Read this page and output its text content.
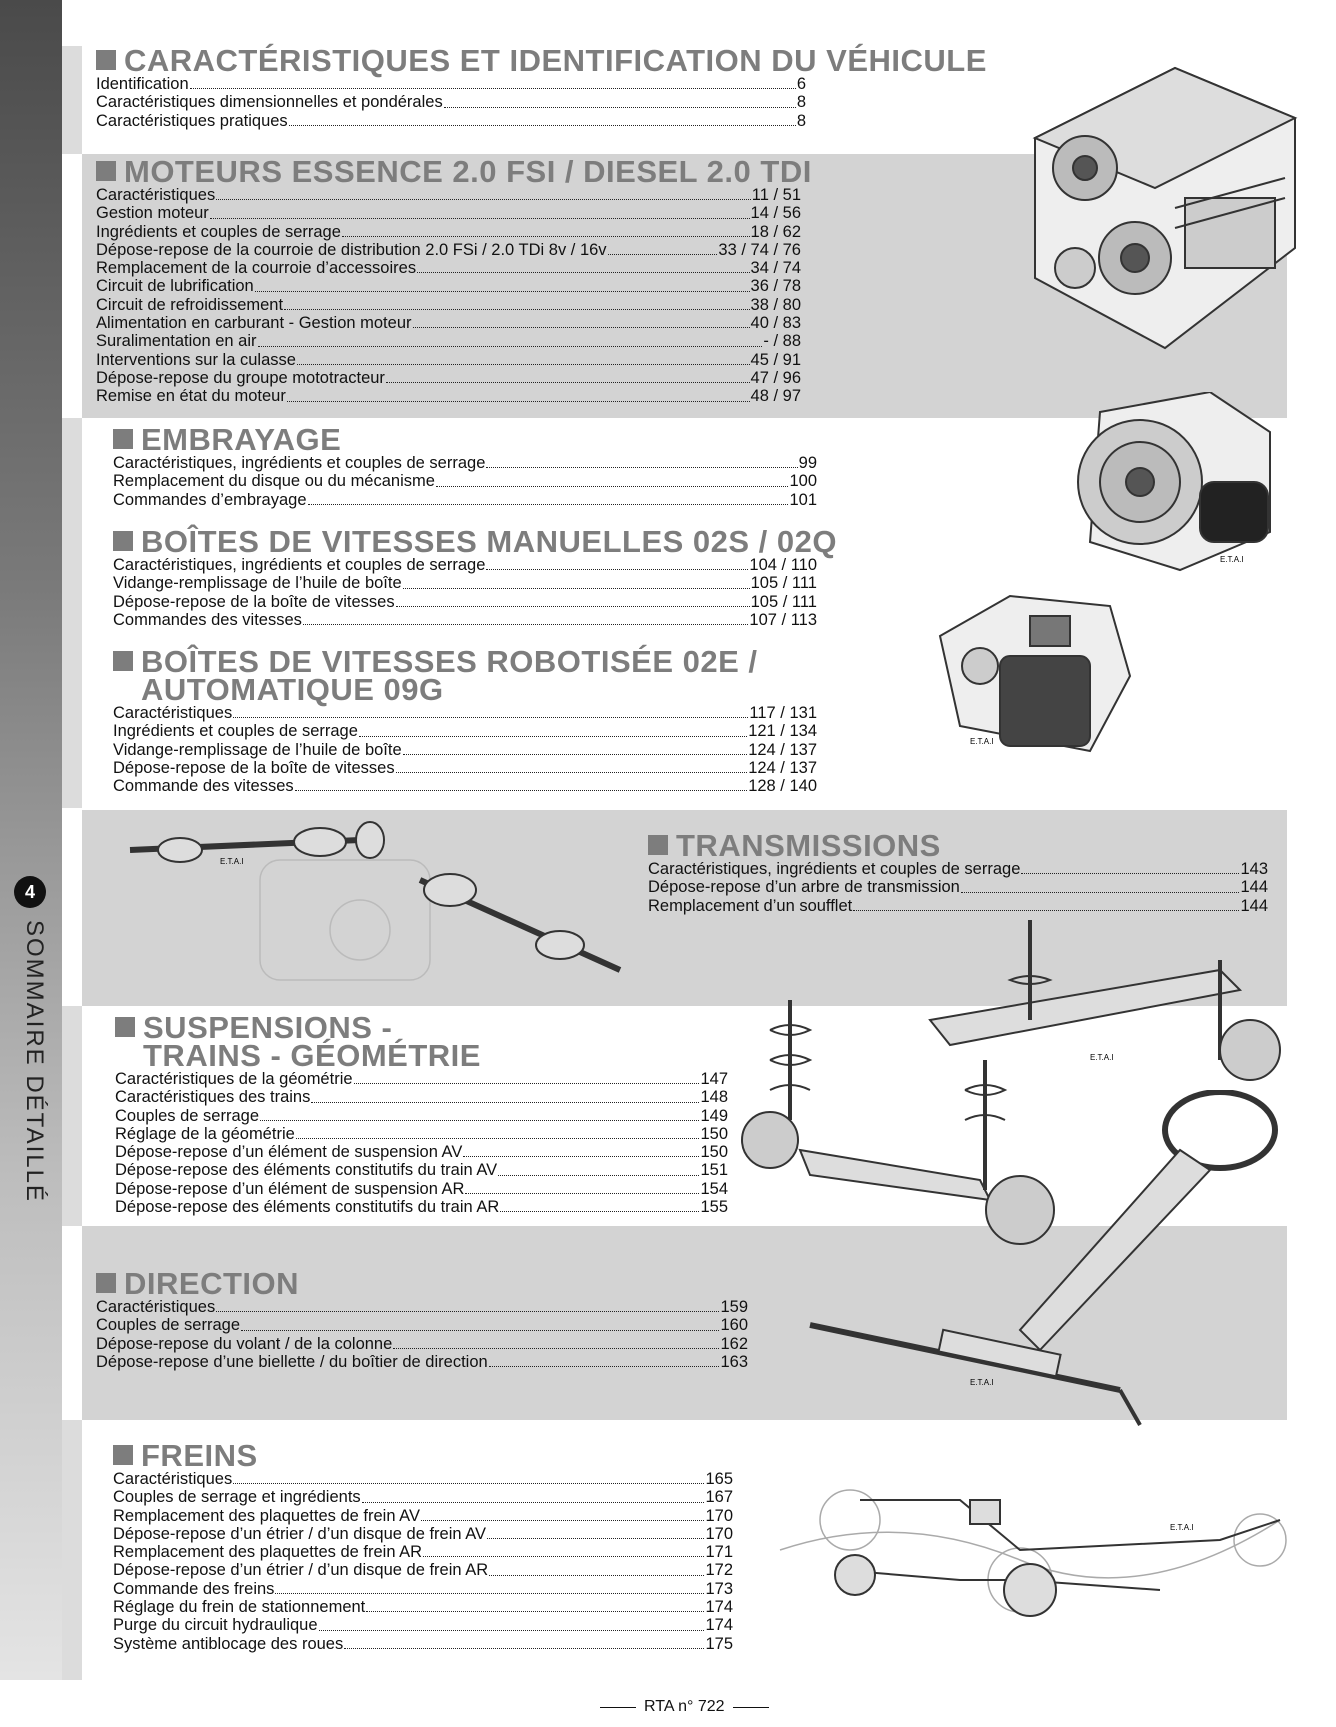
4
SOMMAIRE DÉTAILLÉ
E.T.A.I
E.T.A.I
E.T.A.I
E.T.A.I
E.T.A.I
E.T.A.I
CARACTÉRISTIQUES ET IDENTIFICATION DU VÉHICULE
Identification	6
Caractéristiques dimensionnelles et pondérales	8
Caractéristiques pratiques	8
MOTEURS ESSENCE 2.0 FSI / DIESEL 2.0 TDI
Caractéristiques	11 / 51
Gestion moteur	14 / 56
Ingrédients et couples de serrage	18 / 62
Dépose-repose de la courroie de distribution 2.0 FSi / 2.0 TDi 8v / 16v	33 / 74 / 76
Remplacement de la courroie d’accessoires	34 / 74
Circuit de lubrification	36 / 78
Circuit de refroidissement	38 / 80
Alimentation en carburant - Gestion moteur	40 / 83
Suralimentation en air	- / 88
Interventions sur la culasse	45 / 91
Dépose-repose du groupe mototracteur	47 / 96
Remise en état du moteur	48 / 97
EMBRAYAGE
Caractéristiques, ingrédients et couples de serrage	99
Remplacement du disque ou du mécanisme	100
Commandes d’embrayage	101
BOÎTES DE VITESSES MANUELLES 02S / 02Q
Caractéristiques, ingrédients et couples de serrage	104 / 110
Vidange-remplissage de l’huile de boîte	105 / 111
Dépose-repose de la boîte de vitesses	105 / 111
Commandes des vitesses	107 / 113
BOÎTES DE VITESSES ROBOTISÉE 02E /
AUTOMATIQUE 09G
Caractéristiques	117 / 131
Ingrédients et couples de serrage	121 / 134
Vidange-remplissage de l’huile de boîte	124 / 137
Dépose-repose de la boîte de vitesses	124 / 137
Commande des vitesses	128 / 140
TRANSMISSIONS
Caractéristiques, ingrédients et couples de serrage	143
Dépose-repose d’un arbre de transmission	144
Remplacement d’un soufflet	144
SUSPENSIONS -
TRAINS - GÉOMÉTRIE
Caractéristiques de la géométrie	147
Caractéristiques des trains	148
Couples de serrage	149
Réglage de la géométrie	150
Dépose-repose d’un élément de suspension AV	150
Dépose-repose des éléments constitutifs du train AV	151
Dépose-repose d’un élément de suspension AR	154
Dépose-repose des éléments constitutifs du train AR	155
DIRECTION
Caractéristiques	159
Couples de serrage	160
Dépose-repose du volant / de la colonne	162
Dépose-repose d’une biellette / du boîtier de direction	163
FREINS
Caractéristiques	165
Couples de serrage et ingrédients	167
Remplacement des plaquettes de frein AV	170
Dépose-repose d’un étrier / d’un disque de frein AV	170
Remplacement des plaquettes de frein AR	171
Dépose-repose d’un étrier / d’un disque de frein AR	172
Commande des freins	173
Réglage du frein de stationnement	174
Purge du circuit hydraulique	174
Système antiblocage des roues	175
RTA n° 722
